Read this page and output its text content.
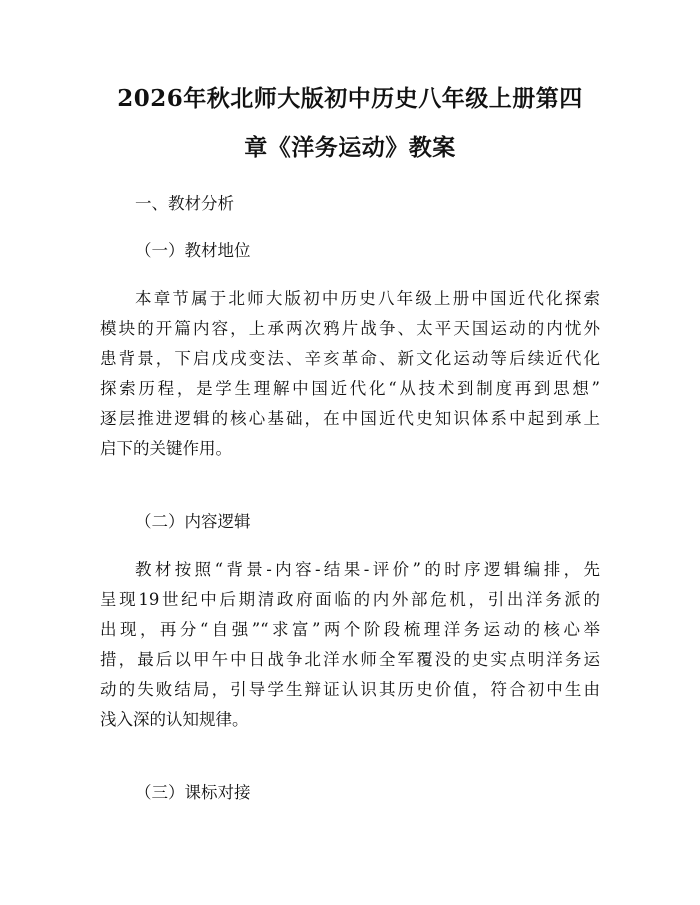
2026年秋北师大版初中历史八年级上册第四
章《洋务运动》教案
一、教材分析
（一）教材地位
本章节属于北师大版初中历史八年级上册中国近代化探索
模块的开篇内容，上承两次鸦片战争、太平天国运动的内忧外
患背景，下启戊戌变法、辛亥革命、新文化运动等后续近代化
探索历程，是学生理解中国近代化“从技术到制度再到思想”
逐层推进逻辑的核心基础，在中国近代史知识体系中起到承上
启下的关键作用。
（二）内容逻辑
教材按照“背景-内容-结果-评价”的时序逻辑编排，先
呈现19世纪中后期清政府面临的内外部危机，引出洋务派的
出现，再分“自强”“求富”两个阶段梳理洋务运动的核心举
措，最后以甲午中日战争北洋水师全军覆没的史实点明洋务运
动的失败结局，引导学生辩证认识其历史价值，符合初中生由
浅入深的认知规律。
（三）课标对接
